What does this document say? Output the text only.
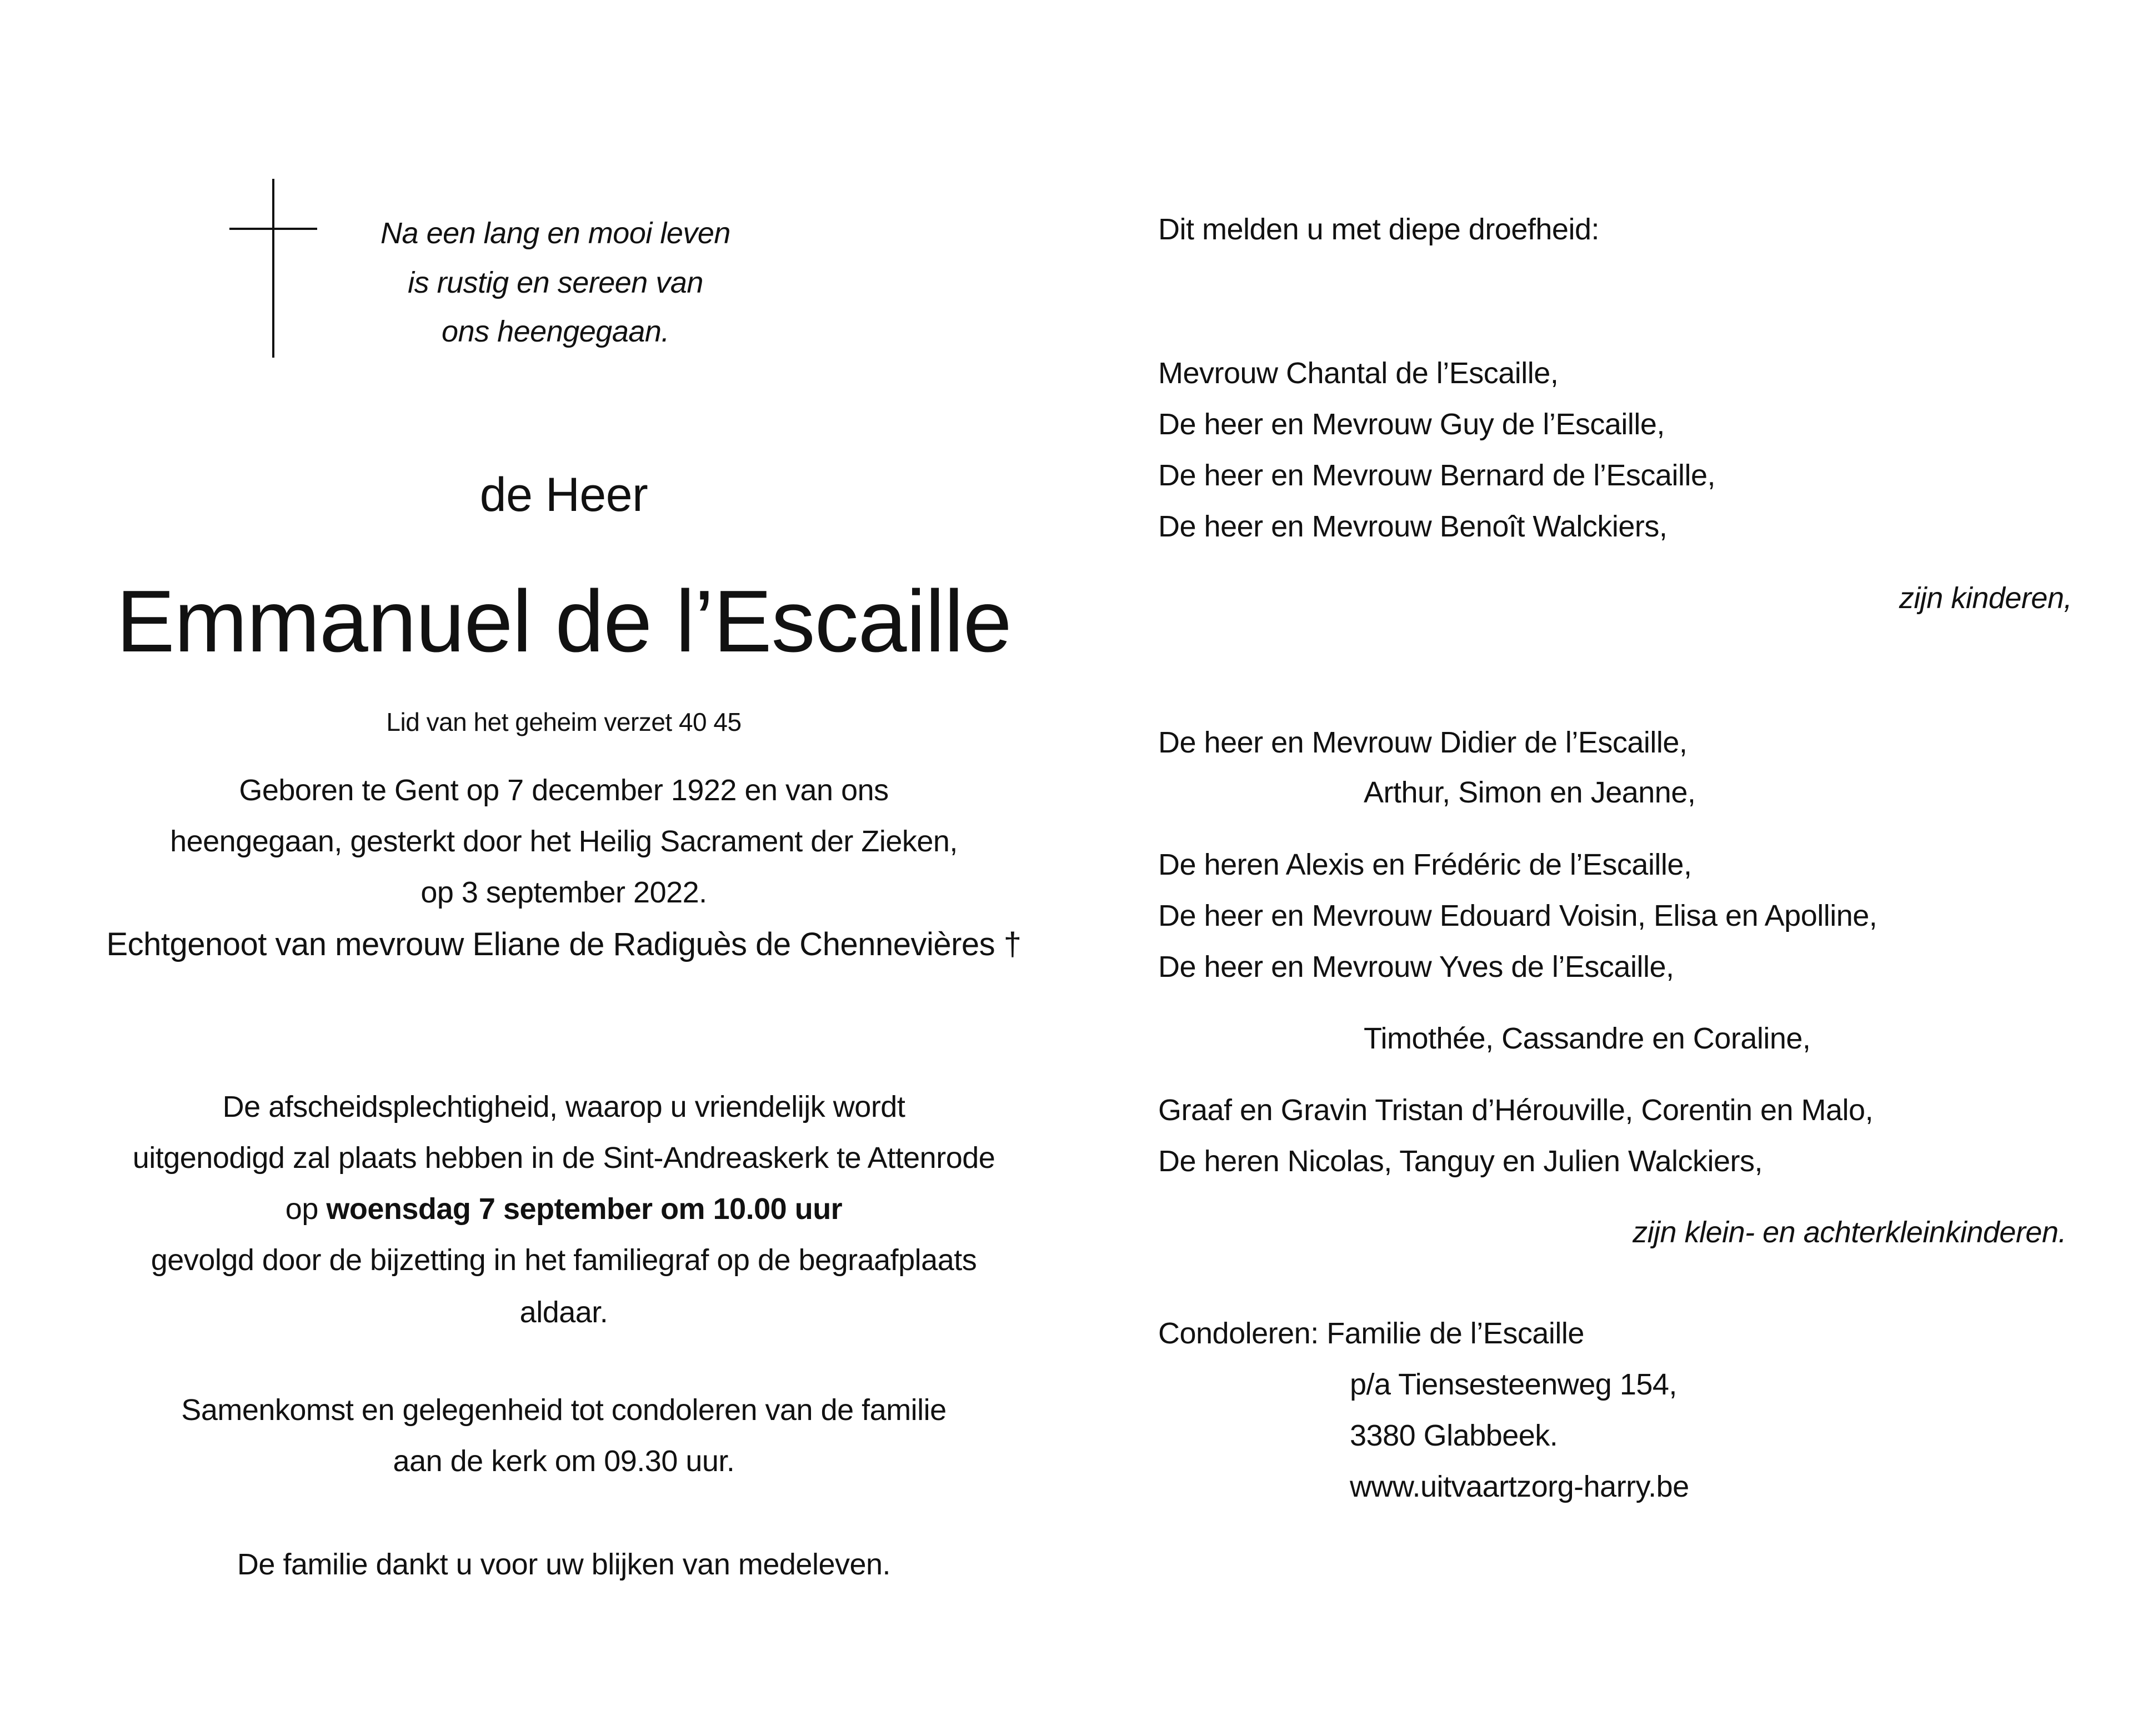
Na een lang en mooi leven
is rustig en sereen van
ons heengegaan.
de Heer
Emmanuel de l’Escaille
Lid van het geheim verzet 40 45
Geboren te Gent op 7 december 1922 en van ons
heengegaan, gesterkt door het Heilig Sacrament der Zieken,
op 3 september 2022.
Echtgenoot van mevrouw Eliane de Radiguès de Chennevières †
De afscheidsplechtigheid, waarop u vriendelijk wordt
uitgenodigd zal plaats hebben in de Sint-Andreaskerk te Attenrode
op woensdag 7 september om 10.00 uur
gevolgd door de bijzetting in het familiegraf op de begraafplaats
aldaar.
Samenkomst en gelegenheid tot condoleren van de familie
aan de kerk om 09.30 uur.
De familie dankt u voor uw blijken van medeleven.
Dit melden u met diepe droefheid:
Mevrouw Chantal de l’Escaille,
De heer en Mevrouw Guy de l’Escaille,
De heer en Mevrouw Bernard de l’Escaille,
De heer en Mevrouw Benoît Walckiers,
zijn kinderen,
De heer en Mevrouw Didier de l’Escaille,
Arthur, Simon en Jeanne,
De heren Alexis en Frédéric de l’Escaille,
De heer en Mevrouw Edouard Voisin, Elisa en Apolline,
De heer en Mevrouw Yves de l’Escaille,
Timothée, Cassandre en Coraline,
Graaf en Gravin Tristan d’Hérouville, Corentin en Malo,
De heren Nicolas, Tanguy en Julien Walckiers,
zijn klein- en achterkleinkinderen.
Condoleren: Familie de l’Escaille
p/a Tiensesteenweg 154,
3380 Glabbeek.
www.uitvaartzorg-harry.be
